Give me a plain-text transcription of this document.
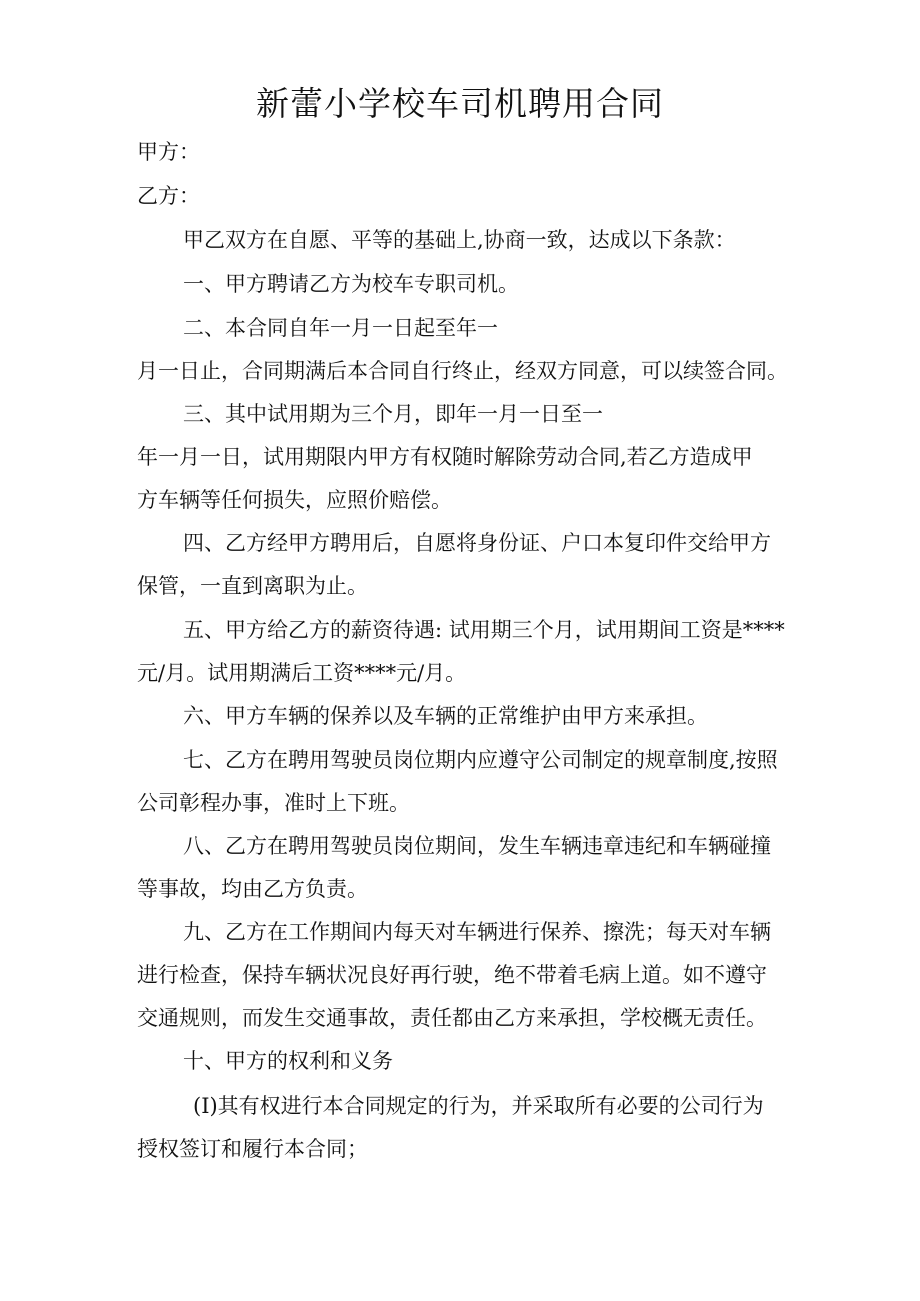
新蕾小学校车司机聘用合同

甲方：

乙方：

甲乙双方在自愿、平等的基础上,协商一致，达成以下条款：

一、甲方聘请乙方为校车专职司机。

二、本合同自年一月一日起至年一

月一日止，合同期满后本合同自行终止，经双方同意，可以续签合同。

三、其中试用期为三个月，即年一月一日至一

年一月一日，试用期限内甲方有权随时解除劳动合同,若乙方造成甲

方车辆等任何损失，应照价赔偿。

四、乙方经甲方聘用后，自愿将身份证、户口本复印件交给甲方

保管，一直到离职为止。

五、甲方给乙方的薪资待遇: 试用期三个月，试用期间工资是****

元/月。试用期满后工资****元/月。

六、甲方车辆的保养以及车辆的正常维护由甲方来承担。

七、乙方在聘用驾驶员岗位期内应遵守公司制定的规章制度,按照

公司彰程办事，准时上下班。

八、乙方在聘用驾驶员岗位期间，发生车辆违章违纪和车辆碰撞

等事故，均由乙方负责。

九、乙方在工作期间内每天对车辆进行保养、擦洗；每天对车辆

进行检查，保持车辆状况良好再行驶，绝不带着毛病上道。如不遵守

交通规则，而发生交通事故，责任都由乙方来承担，学校概无责任。

十、甲方的权利和义务

(I)其有权进行本合同规定的行为，并采取所有必要的公司行为

授权签订和履行本合同；
